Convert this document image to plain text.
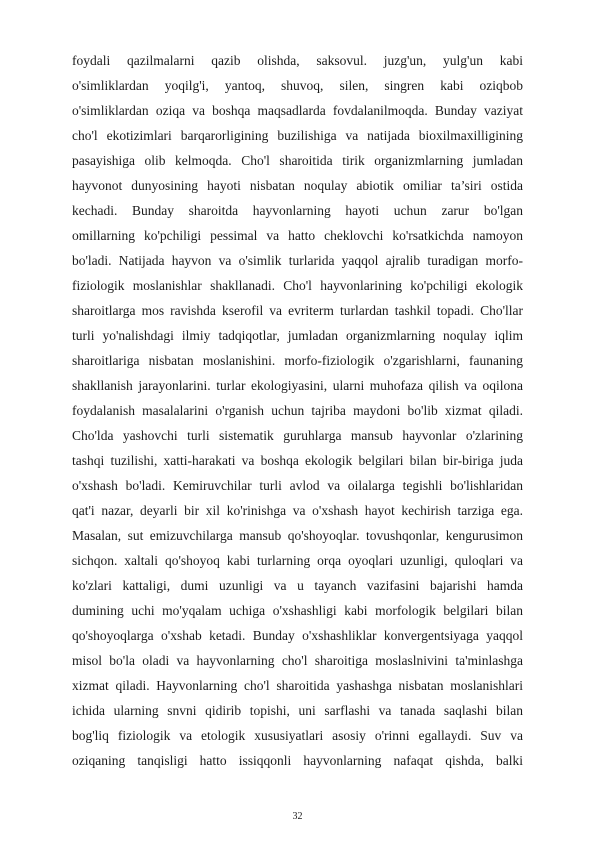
foydali qazilmalarni qazib olishda, saksovul. juzg'un, yulg'un kabi
o'simliklardan yoqilg'i, yantoq, shuvoq, silen, singren kabi oziqbob
o'simliklardan oziqa va boshqa maqsadlarda fovdalanilmoqda. Bunday vaziyat
cho'l ekotizimlari barqarorligining buzilishiga va natijada bioxilmaxilligining
pasayishiga olib kelmoqda. Cho'l sharoitida tirik organizmlarning jumladan
hayvonot dunyosining hayoti nisbatan noqulay abiotik omiliar ta’siri ostida
kechadi. Bunday sharoitda hayvonlarning hayoti uchun zarur bo'lgan
omillarning ko'pchiligi pessimal va hatto cheklovchi ko'rsatkichda namoyon
bo'ladi. Natijada hayvon va o'simlik turlarida yaqqol ajralib turadigan morfo-
fiziologik moslanishlar shakllanadi. Cho'l hayvonlarining ko'pchiligi ekologik
sharoitlarga mos ravishda kserofil va evriterm turlardan tashkil topadi. Cho'llar
turli yo'nalishdagi ilmiy tadqiqotlar, jumladan organizmlarning noqulay iqlim
sharoitlariga nisbatan moslanishini. morfo-fiziologik o'zgarishlarni, faunaning
shakllanish jarayonlarini. turlar ekologiyasini, ularni muhofaza qilish va oqilona
foydalanish masalalarini o'rganish uchun tajriba maydoni bo'lib xizmat qiladi.
Cho'lda yashovchi turli sistematik guruhlarga mansub hayvonlar o'zlarining
tashqi tuzilishi, xatti-harakati va boshqa ekologik belgilari bilan bir-biriga juda
o'xshash bo'ladi. Kemiruvchilar turli avlod va oilalarga tegishli bo'lishlaridan
qat'i nazar, deyarli bir xil ko'rinishga va o'xshash hayot kechirish tarziga ega.
Masalan, sut emizuvchilarga mansub qo'shoyoqlar. tovushqonlar, kengurusimon
sichqon. xaltali qo'shoyoq kabi turlarning orqa oyoqlari uzunligi, quloqlari va
ko'zlari kattaligi, dumi uzunligi va u tayanch vazifasini bajarishi hamda
dumining uchi mo'yqalam uchiga o'xshashligi kabi morfologik belgilari bilan
qo'shoyoqlarga o'xshab ketadi. Bunday o'xshashliklar konvergentsiyaga yaqqol
misol bo'la oladi va hayvonlarning cho'l sharoitiga moslaslnivini ta'minlashga
xizmat qiladi. Hayvonlarning cho'l sharoitida yashashga nisbatan moslanishlari
ichida ularning snvni qidirib topishi, uni sarflashi va tanada saqlashi bilan
bog'liq fiziologik va etologik xususiyatlari asosiy o'rinni egallaydi. Suv va
oziqaning tanqisligi hatto issiqqonli hayvonlarning nafaqat qishda, balki
32
